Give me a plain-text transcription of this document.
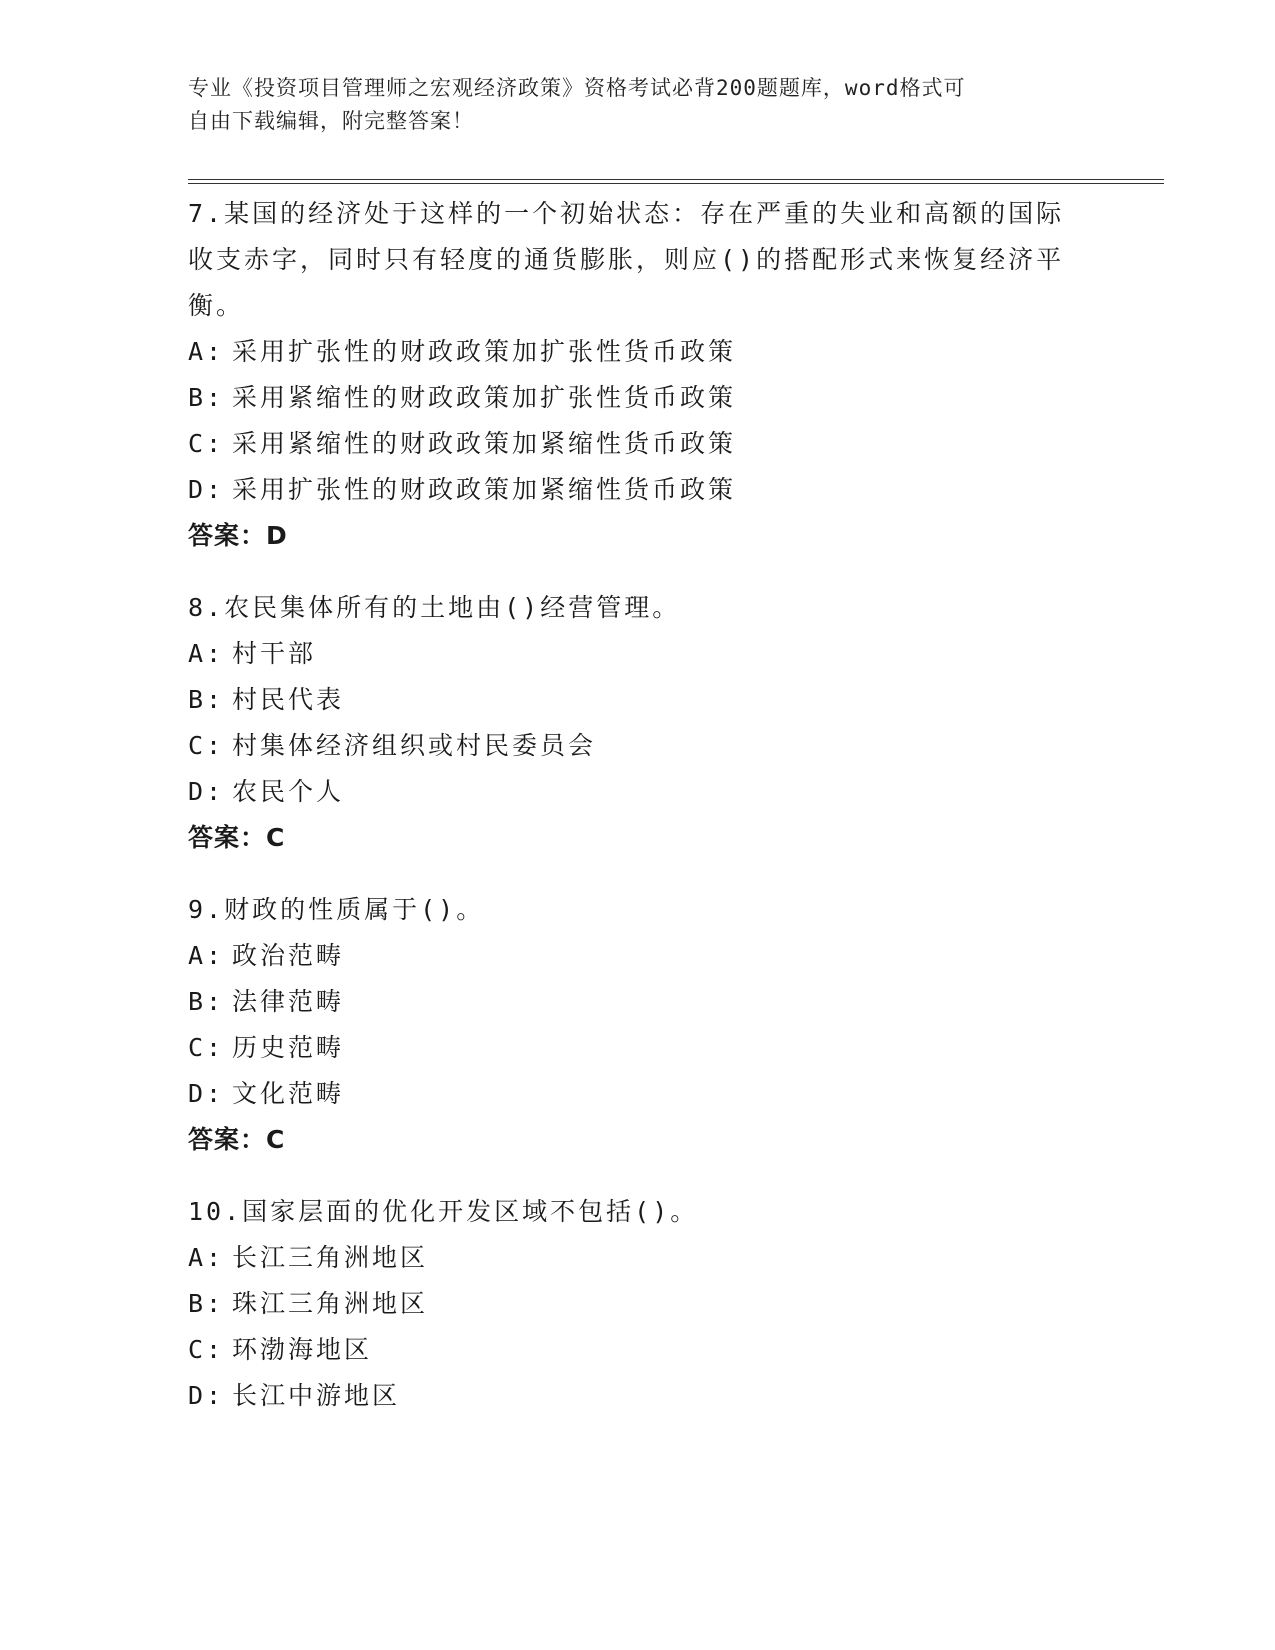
专业《投资项目管理师之宏观经济政策》资格考试必背200题题库，word格式可
自由下载编辑，附完整答案！

7.某国的经济处于这样的一个初始状态：存在严重的失业和高额的国际收支赤字，同时只有轻度的通货膨胀，则应()的搭配形式来恢复经济平衡。

A: 采用扩张性的财政政策加扩张性货币政策

B: 采用紧缩性的财政政策加扩张性货币政策

C: 采用紧缩性的财政政策加紧缩性货币政策

D: 采用扩张性的财政政策加紧缩性货币政策

答案：D

8.农民集体所有的土地由()经营管理。

A: 村干部

B: 村民代表

C: 村集体经济组织或村民委员会

D: 农民个人

答案：C

9.财政的性质属于()。

A: 政治范畴

B: 法律范畴

C: 历史范畴

D: 文化范畴

答案：C

10.国家层面的优化开发区域不包括()。

A: 长江三角洲地区

B: 珠江三角洲地区

C: 环渤海地区

D: 长江中游地区
